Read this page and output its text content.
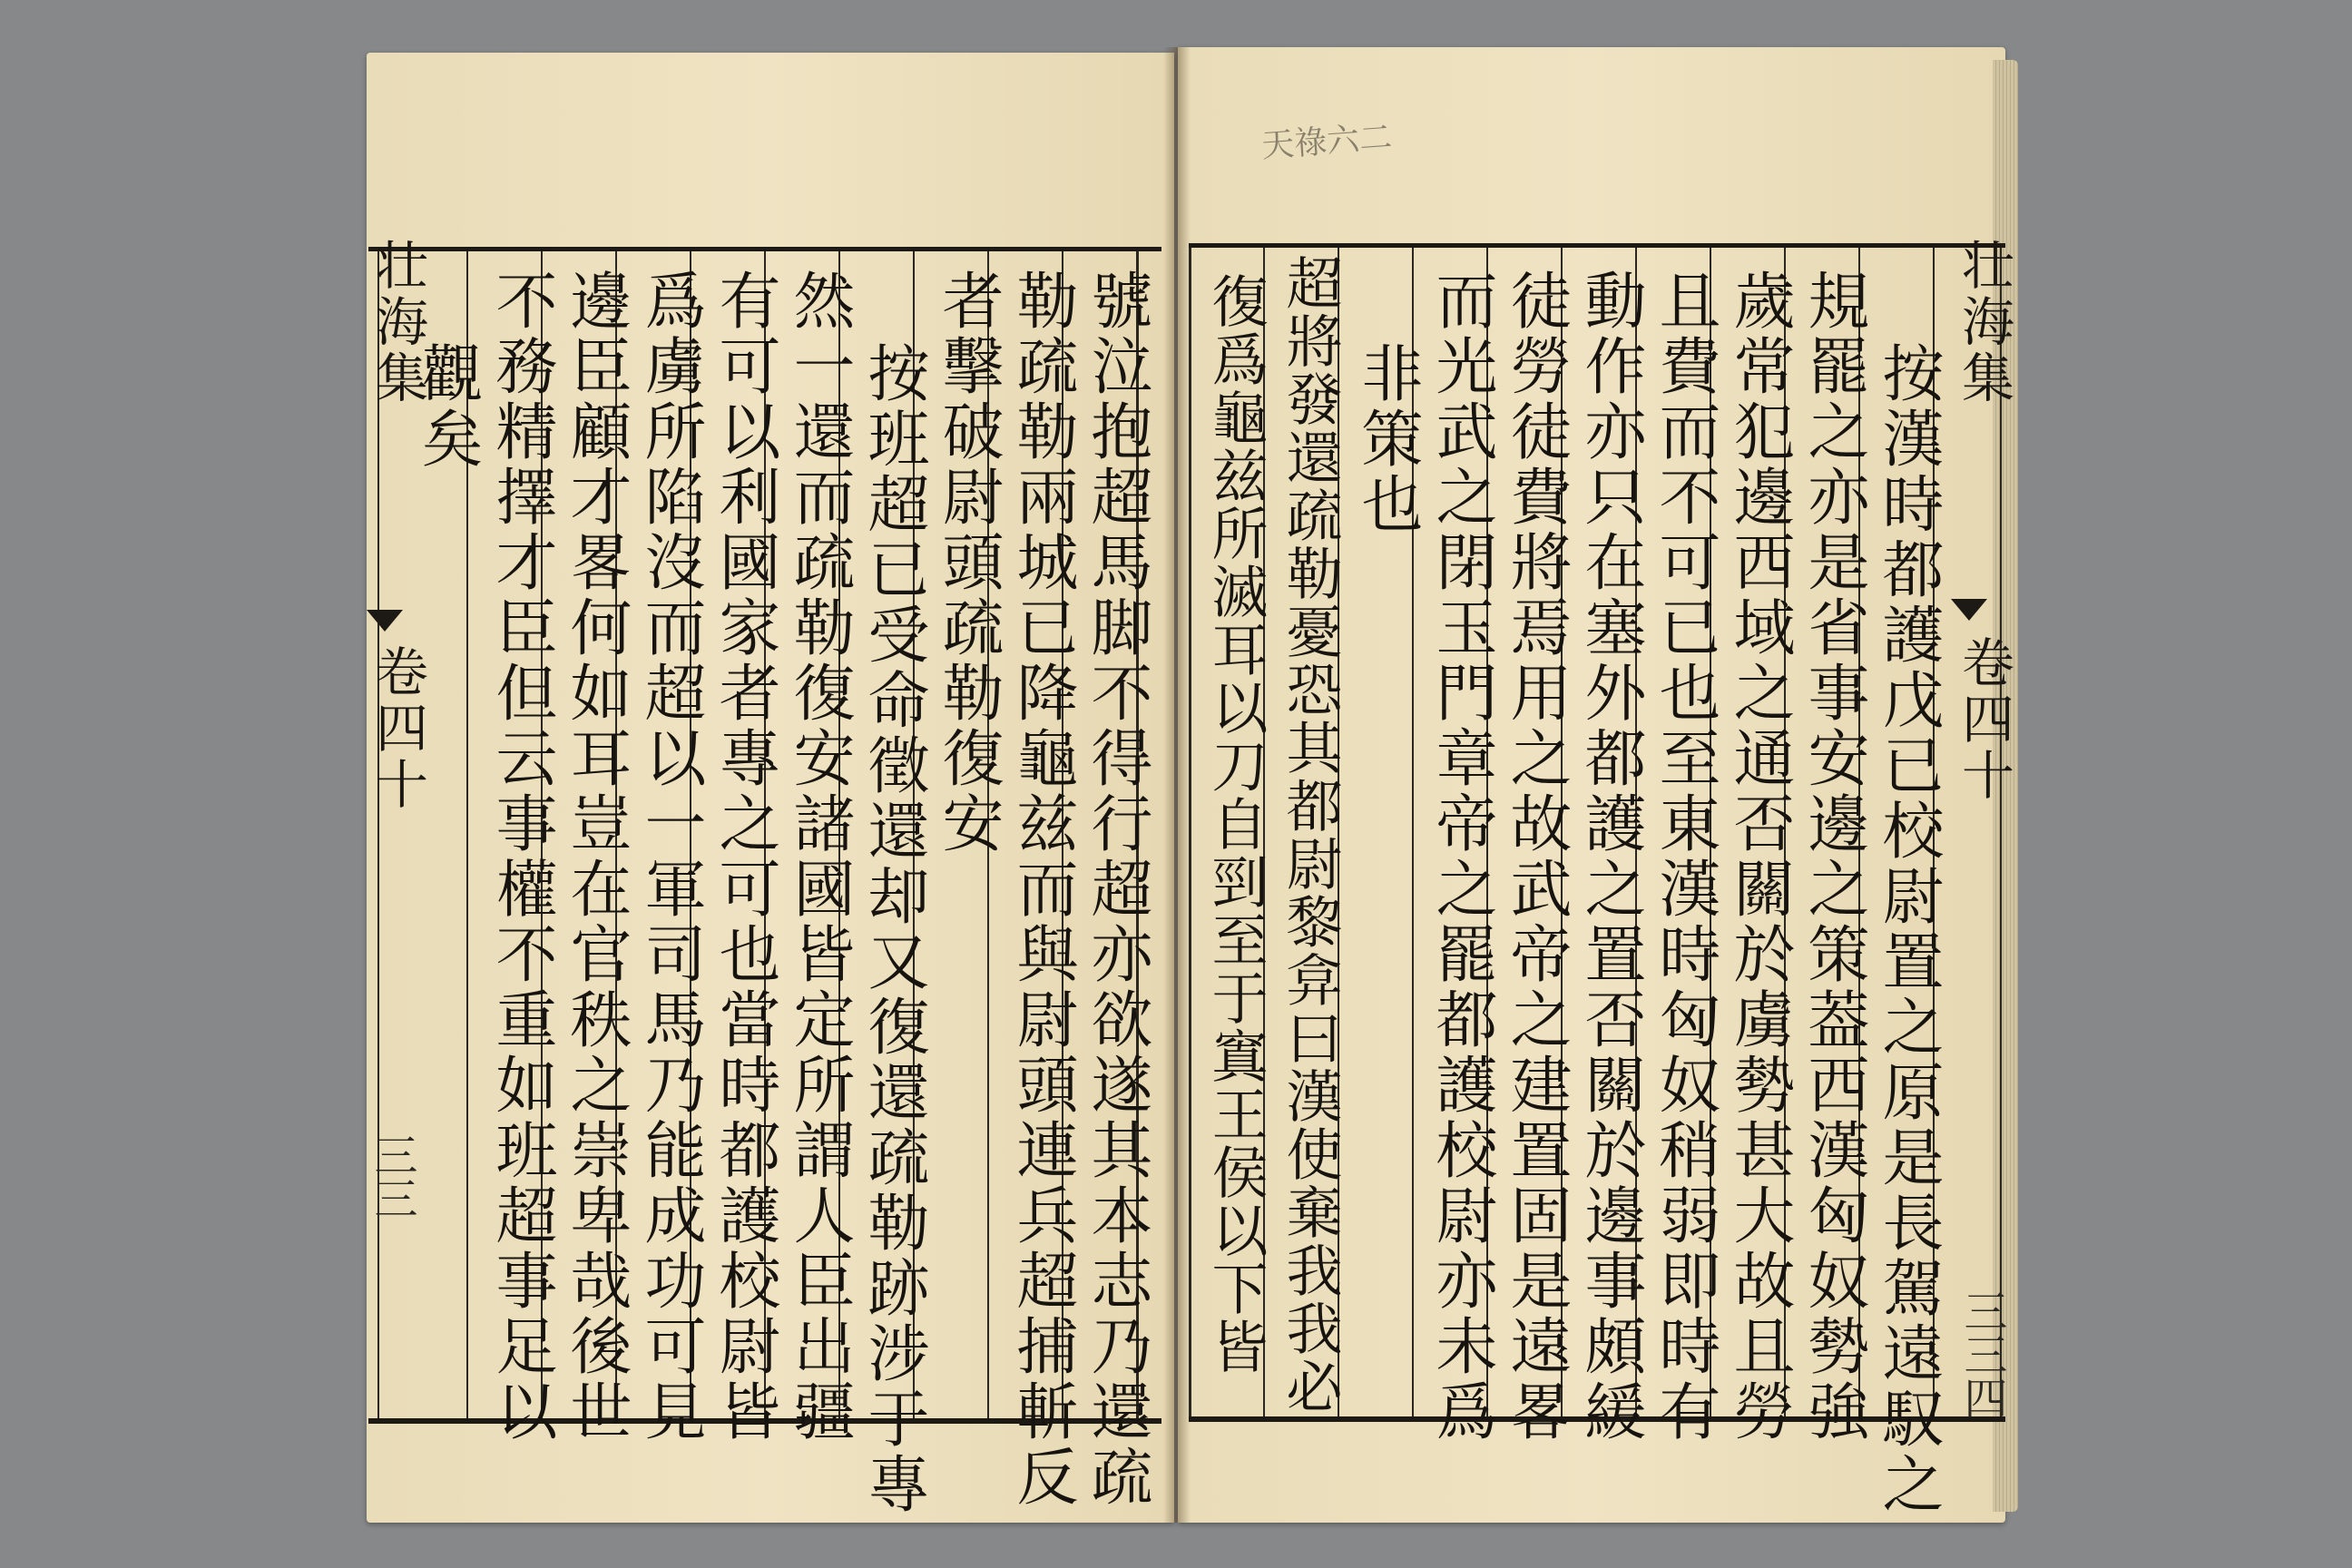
天祿六二
壮海集
卷四十
三三	號泣抱超馬脚不得行超亦欲遂其本志乃還疏
勒疏勒兩城已降龜兹而與尉頭連兵超捕斬反
者擊破尉頭疏勒復安
按班超已受命徵還却又復還疏勒跡涉于專
然一還而疏勒復安諸國皆定所謂人臣出疆
有可以利國家者專之可也當時都護校尉皆
爲虜所陷沒而超以一軍司馬乃能成功可見
邊臣顧才畧何如耳豈在官秩之崇卑哉後世
不務精擇才臣但云事權不重如班超事足以
觀矣	壮海集
卷四十
三三四
按漢時都護戊已校尉置之原是長駕遠馭之
規罷之亦是省事安邊之策葢西漢匈奴勢強
歲常犯邊西域之通否關於虜勢甚大故且勞
且費而不可已也至東漢時匈奴稍弱即時有
動作亦只在塞外都護之置否關於邊事頗緩
徒勞徒費將焉用之故武帝之建置固是遠畧
而光武之閉玉門章帝之罷都護校尉亦未爲
非策也
超將發還疏勒憂恐其都尉黎弇曰漢使棄我我必
復爲龜兹所滅耳以刀自剄至于窴王侯以下皆
